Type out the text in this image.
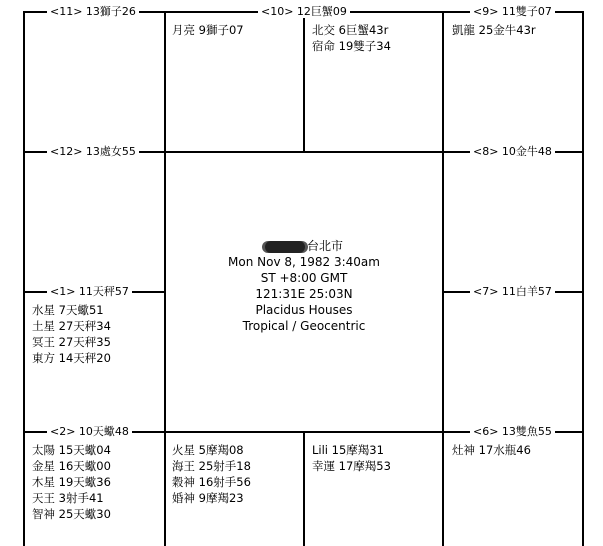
<11> 13獅子26	<10> 12巨蟹09	<9> 11雙子07
<12> 13處女55	<8> 10金牛48
<1> 11天秤57	<7> 11白羊57
<2> 10天蠍48	<6> 13雙魚55
月亮 9獅子07	北交 6巨蟹43r
宿命 19雙子34
凱龍 25金牛43r
水星 7天蠍51
土星 27天秤34
冥王 27天秤35
東方 14天秤20
太陽 15天蠍04
金星 16天蠍00
木星 19天蠍36
天王 3射手41
智神 25天蠍30
火星 5摩羯08
海王 25射手18
穀神 16射手56
婚神 9摩羯23
Lili 15摩羯31
幸運 17摩羯53
灶神 17水瓶46
台北市
Mon Nov 8, 1982 3:40am
ST +8:00 GMT
121:31E 25:03N
Placidus Houses
Tropical / Geocentric
